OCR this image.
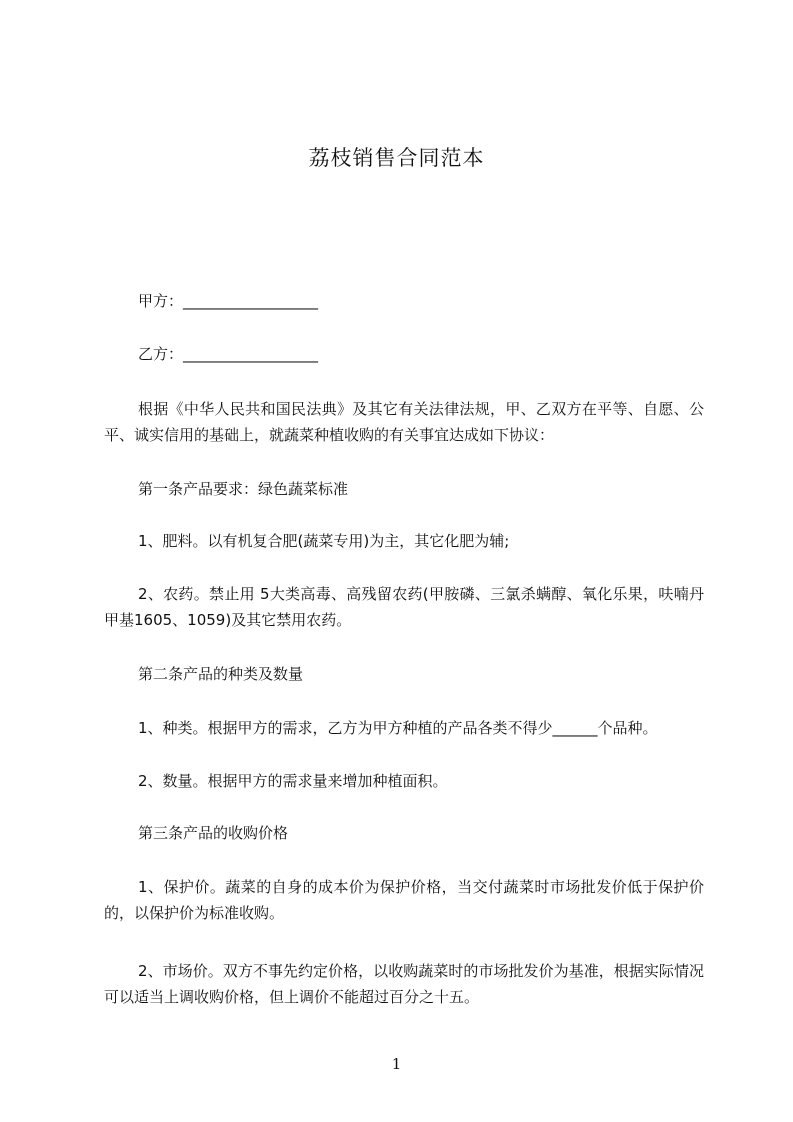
荔枝销售合同范本
甲方：__________________
乙方：__________________
根据《中华人民共和国民法典》及其它有关法律法规，甲、乙双方在平等、自愿、公平、诚实信用的基础上，就蔬菜种植收购的有关事宜达成如下协议：
第一条产品要求：绿色蔬菜标准
1、肥料。以有机复合肥(蔬菜专用)为主，其它化肥为辅;
2、农药。禁止用 5大类高毒、高残留农药(甲胺磷、三氯杀螨醇、氧化乐果，呋喃丹甲基1605、1059)及其它禁用农药。
第二条产品的种类及数量
1、种类。根据甲方的需求，乙方为甲方种植的产品各类不得少______个品种。
2、数量。根据甲方的需求量来增加种植面积。
第三条产品的收购价格
1、保护价。蔬菜的自身的成本价为保护价格，当交付蔬菜时市场批发价低于保护价的，以保护价为标准收购。
2、市场价。双方不事先约定价格，以收购蔬菜时的市场批发价为基准，根据实际情况可以适当上调收购价格，但上调价不能超过百分之十五。
1
